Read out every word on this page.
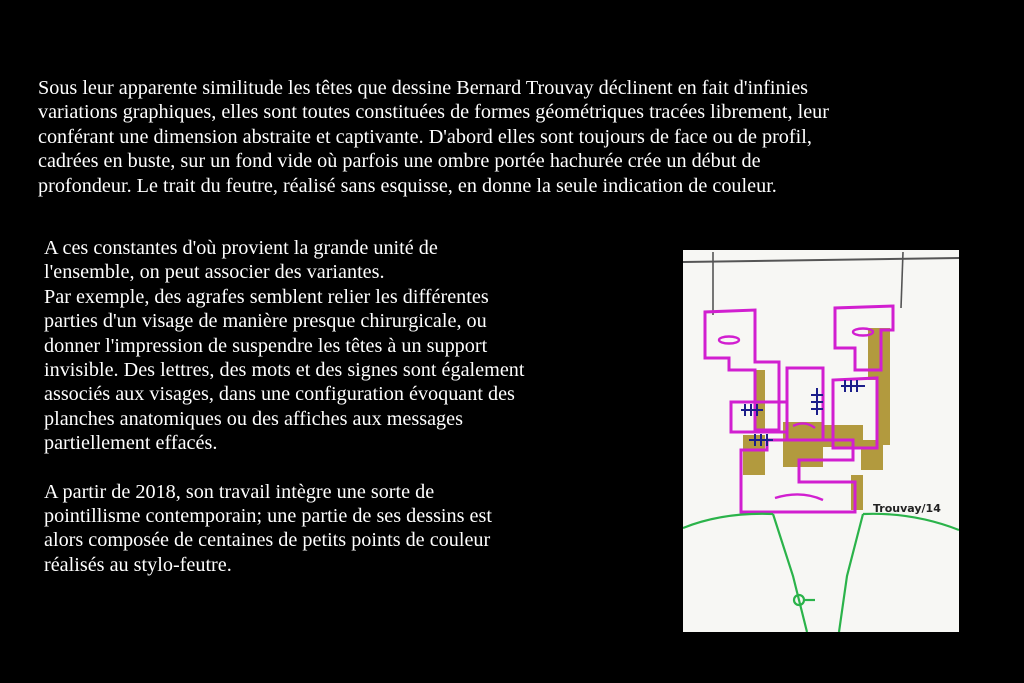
Sous leur apparente similitude les têtes que dessine Bernard Trouvay déclinent en fait d'infinies
variations graphiques, elles sont toutes constituées de formes géométriques tracées librement, leur
conférant une dimension abstraite et captivante. D'abord elles sont toujours de face ou de profil,
cadrées en buste, sur un fond vide où parfois une ombre portée hachurée crée un début de
profondeur. Le trait du feutre, réalisé sans esquisse, en donne la seule indication de couleur.

A ces constantes d'où provient la grande unité de
l'ensemble, on peut associer des variantes.
Par exemple, des agrafes semblent relier les différentes
parties d'un visage de manière presque chirurgicale, ou
donner l'impression de suspendre les têtes à un support
invisible. Des lettres, des mots et des signes sont également
associés aux visages, dans une configuration évoquant des
planches anatomiques ou des affiches aux messages
partiellement effacés.

A partir de 2018, son travail intègre une sorte de
pointillisme contemporain; une partie de ses dessins est
alors composée de centaines de petits points de couleur
réalisés au stylo-feutre.

Trouvay/14
